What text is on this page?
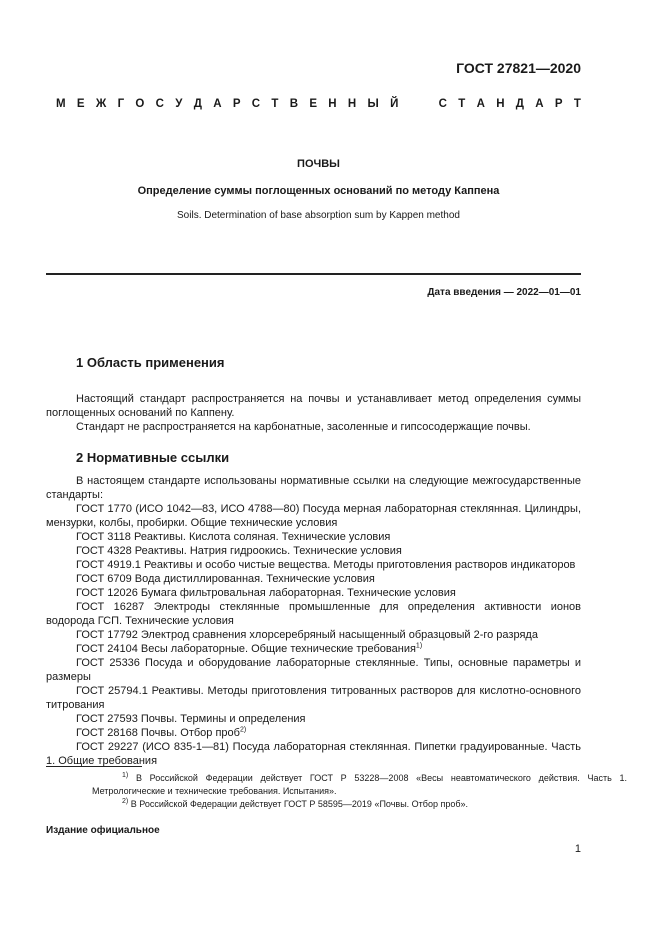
ГОСТ 27821—2020
М Е Ж Г О С У Д А Р С Т В Е Н Н Ы Й

	С Т А Н Д А Р Т
ПОЧВЫ
Определение суммы поглощенных оснований по методу Каппена
Soils. Determination of base absorption sum by Kappen method
Дата введения — 2022—01—01
1 Область применения
Настоящий стандарт распространяется на почвы и устанавливает метод определения суммы поглощенных оснований по Каппену.
Стандарт не распространяется на карбонатные, засоленные и гипсосодержащие почвы.
2 Нормативные ссылки
В настоящем стандарте использованы нормативные ссылки на следующие межгосударственные стандарты:
ГОСТ 1770 (ИСО 1042—83, ИСО 4788—80) Посуда мерная лабораторная стеклянная. Цилиндры, мензурки, колбы, пробирки. Общие технические условия
ГОСТ 3118 Реактивы. Кислота соляная. Технические условия
ГОСТ 4328 Реактивы. Натрия гидроокись. Технические условия
ГОСТ 4919.1 Реактивы и особо чистые вещества. Методы приготовления растворов индикаторов
ГОСТ 6709 Вода дистиллированная. Технические условия
ГОСТ 12026 Бумага фильтровальная лабораторная. Технические условия
ГОСТ 16287 Электроды стеклянные промышленные для определения активности ионов водорода ГСП. Технические условия
ГОСТ 17792 Электрод сравнения хлорсеребряный насыщенный образцовый 2-го разряда
ГОСТ 24104 Весы лабораторные. Общие технические требования$^{1)}$
ГОСТ 25336 Посуда и оборудование лабораторные стеклянные. Типы, основные параметры и размеры
ГОСТ 25794.1 Реактивы. Методы приготовления титрованных растворов для кислотно-основного титрования
ГОСТ 27593 Почвы. Термины и определения
ГОСТ 28168 Почвы. Отбор проб$^{2)}$
ГОСТ 29227 (ИСО 835-1—81) Посуда лабораторная стеклянная. Пипетки градуированные. Часть 1. Общие требования
$^{1)}$ В Российской Федерации действует ГОСТ Р 53228—2008 «Весы неавтоматического действия. Часть 1. Метрологические и технические требования. Испытания».
$^{2)}$ В Российской Федерации действует ГОСТ Р 58595—2019 «Почвы. Отбор проб».
Издание официальное
1
